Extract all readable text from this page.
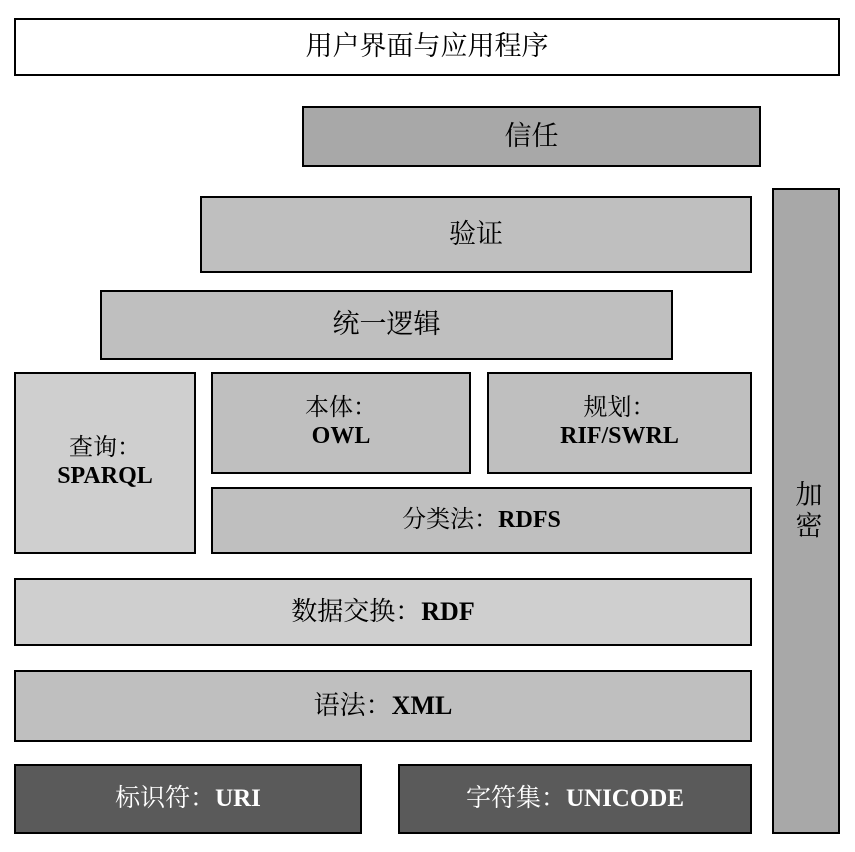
用户界面与应用程序
信任
验证
统一逻辑
查询：
SPARQL
本体：
OWL
规划：
RIF/SWRL
分类法：RDFS
数据交换：RDF
语法：XML
标识符：URI	字符集：UNICODE
加密
